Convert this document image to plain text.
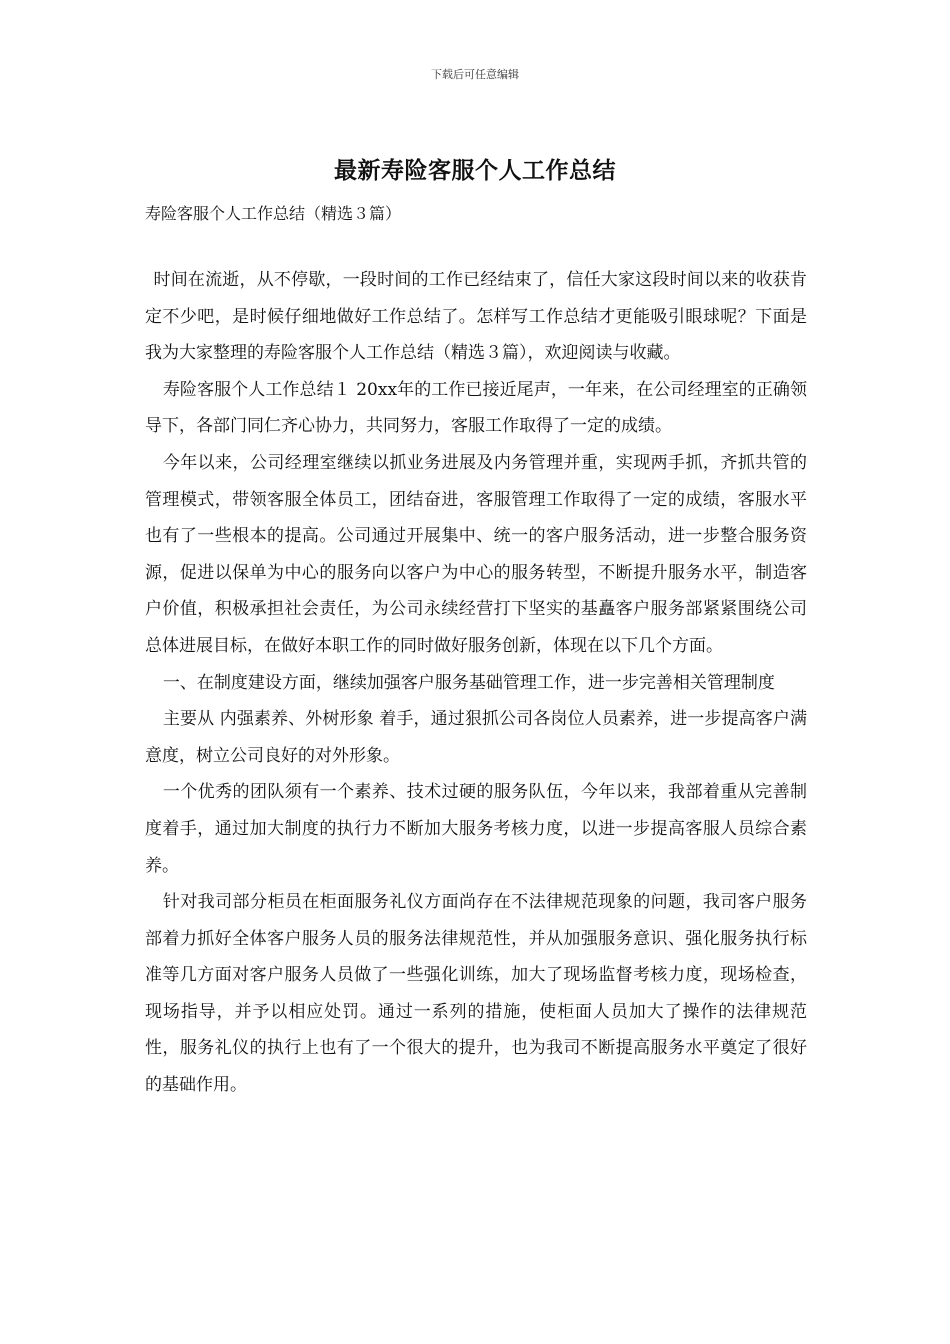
下载后可任意编辑
最新寿险客服个人工作总结
寿险客服个人工作总结（精选３篇）

时间在流逝，从不停歇，一段时间的工作已经结束了，信任大家这段时间以来的收获肯定不少吧，是时候仔细地做好工作总结了。怎样写工作总结才更能吸引眼球呢？下面是我为大家整理的寿险客服个人工作总结（精选３篇），欢迎阅读与收藏。

寿险客服个人工作总结１ 20xx年的工作已接近尾声，一年来，在公司经理室的正确领导下，各部门同仁齐心协力，共同努力，客服工作取得了一定的成绩。

今年以来，公司经理室继续以抓业务进展及内务管理并重，实现两手抓，齐抓共管的管理模式，带领客服全体员工，团结奋进，客服管理工作取得了一定的成绩，客服水平也有了一些根本的提高。公司通过开展集中、统一的客户服务活动，进一步整合服务资源，促进以保单为中心的服务向以客户为中心的服务转型，不断提升服务水平，制造客户价值，积极承担社会责任，为公司永续经营打下坚实的基矗客户服务部紧紧围绕公司总体进展目标，在做好本职工作的同时做好服务创新，体现在以下几个方面。

一、在制度建设方面，继续加强客户服务基础管理工作，进一步完善相关管理制度

主要从 内强素养、外树形象 着手，通过狠抓公司各岗位人员素养，进一步提高客户满意度，树立公司良好的对外形象。

一个优秀的团队须有一个素养、技术过硬的服务队伍，今年以来，我部着重从完善制度着手，通过加大制度的执行力不断加大服务考核力度，以进一步提高客服人员综合素养。

针对我司部分柜员在柜面服务礼仪方面尚存在不法律规范现象的问题，我司客户服务部着力抓好全体客户服务人员的服务法律规范性，并从加强服务意识、强化服务执行标准等几方面对客户服务人员做了一些强化训练，加大了现场监督考核力度，现场检查，现场指导，并予以相应处罚。通过一系列的措施，使柜面人员加大了操作的法律规范性，服务礼仪的执行上也有了一个很大的提升，也为我司不断提高服务水平奠定了很好的基础作用。
